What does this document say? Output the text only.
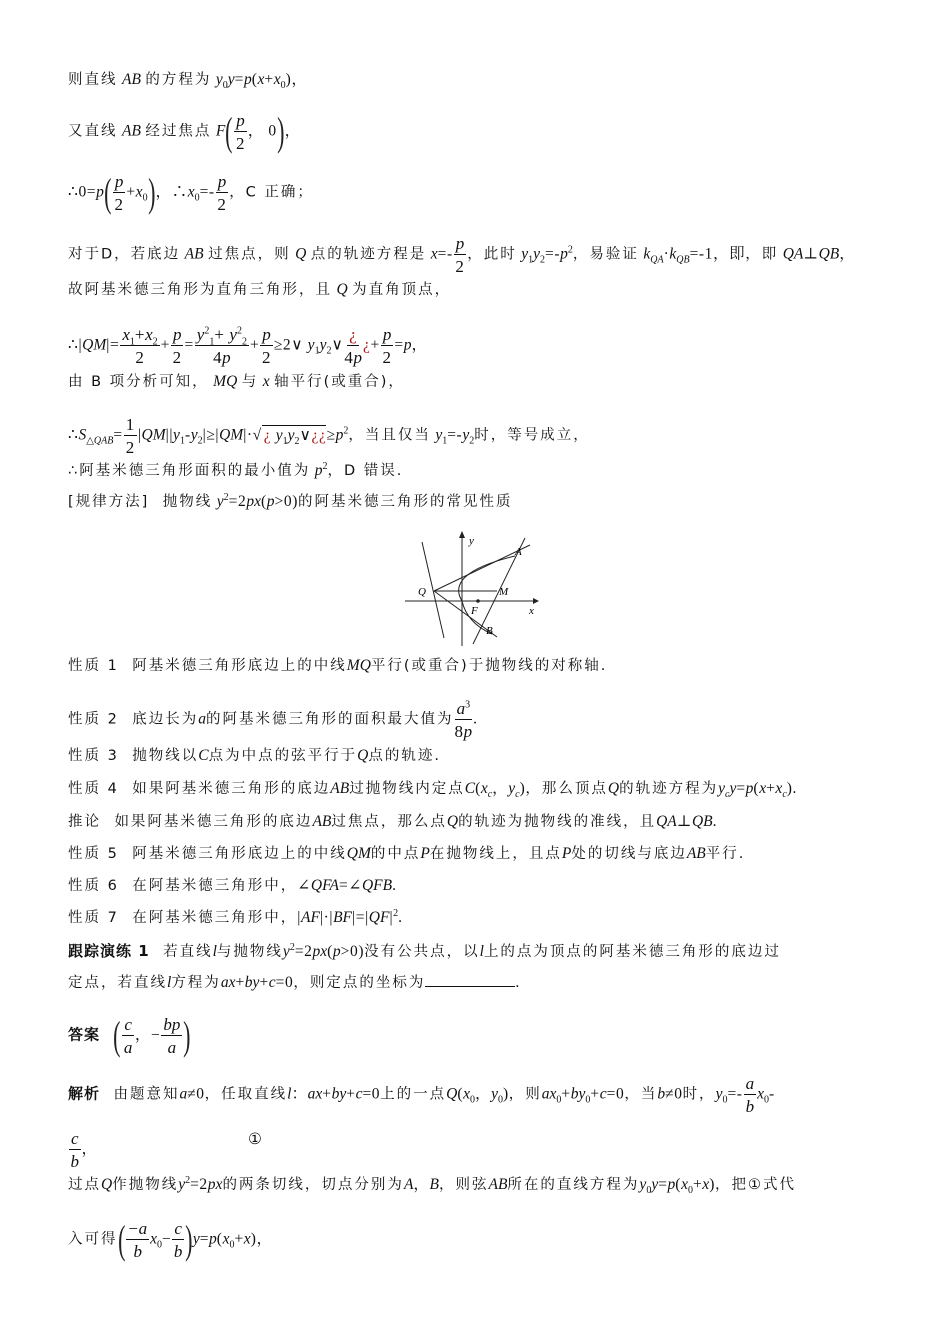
则直线 AB 的方程为 $y_0y=p(x+x_0)$，
又直线 AB 经过焦点 $F( \frac{p}{2}$ ， 0)，
∴0=p( $\frac{p}{2} +x_0$)，$\therefore x_0=- \frac{p}{2}$ ，C 正确；
对于D，若底边 AB 过焦点，则 Q 点的轨迹方程是 $x=- \frac{p}{2}$ ，此时 $y_1y_2=-p^2$，易验证 $k_{QA}\cdot k_{QB}=-1$，即，即 QA⊥QB，
故阿基米德三角形为直角三角形，且 Q 为直角顶点，
∴|QM|= $\frac{x_1+x_2}{2} + \frac{p}{2} = \frac{y^2_1+ y^2_2}{4p} + \frac{p}{2}$ ≥2∨ $y_1y_2\vee \frac{¿}{4p}$ ¿+ $\frac{p}{2} =p$，
由 B 项分析可知， MQ 与 x 轴平行(或重合)，
$\therefore S_{\triangle QAB}= \frac{1}{2} |QM||y_1-y_2|\ge|QM|\cdot√$ ¿ $y_1y_2\vee¿¿\ge p^2$，当且仅当 $y_1=-y_2$时，等号成立，
∴阿基米德三角形面积的最小值为 $p^2$，D 错误.
[规律方法] 抛物线 $y^2=2px(p>0)$的阿基米德三角形的常见性质
y
x
A
Q	M
F
B
性质 1 阿基米德三角形底边上的中线MQ平行(或重合)于抛物线的对称轴.
性质 2 底边长为a的阿基米德三角形的面积最大值为 $\frac{a^3}{8p}$ .
性质 3 抛物线以C点为中点的弦平行于Q点的轨迹.
性质 4 如果阿基米德三角形的底边AB过抛物线内定点$C(x_c$，$y_c$)，那么顶点Q的轨迹方程为$y_cy=p(x+x_c)$.
推论 如果阿基米德三角形的底边AB过焦点，那么点Q的轨迹为抛物线的准线，且QA⊥QB.
性质 5 阿基米德三角形底边上的中线QM的中点P在抛物线上，且点P处的切线与底边AB平行.
性质 6 在阿基米德三角形中，∠QFA=∠QFB.
性质 7 在阿基米德三角形中，$|AF|\cdot|BF|=|QF|^2$.
跟踪演练 1 若直线l与抛物线$y^2=2px(p>0)$没有公共点，以l上的点为顶点的阿基米德三角形的底边过
定点，若直线l方程为ax+by+c=0，则定点的坐标为	.
答案 ( $\frac{c}{a}$ ，− $\frac{bp}{a}$ )
解析 由题意知a≠0，任取直线l：ax+by+c=0上的一点$Q(x_0$，$y_0$)，则$ax_0+by_0+c=0$，当b≠0时，$y_0=- \frac{a}{b} x_0-$
$\frac{c}{b}$ ，
①
过点Q作抛物线$y^2=2px$的两条切线，切点分别为A，B，则弦AB所在的直线方程为$y_0y=p(x_0+x)$，把①式代
入可得( $\frac{-a}{b} x_0- \frac{c}{b} )y=p(x_0+x)$，
